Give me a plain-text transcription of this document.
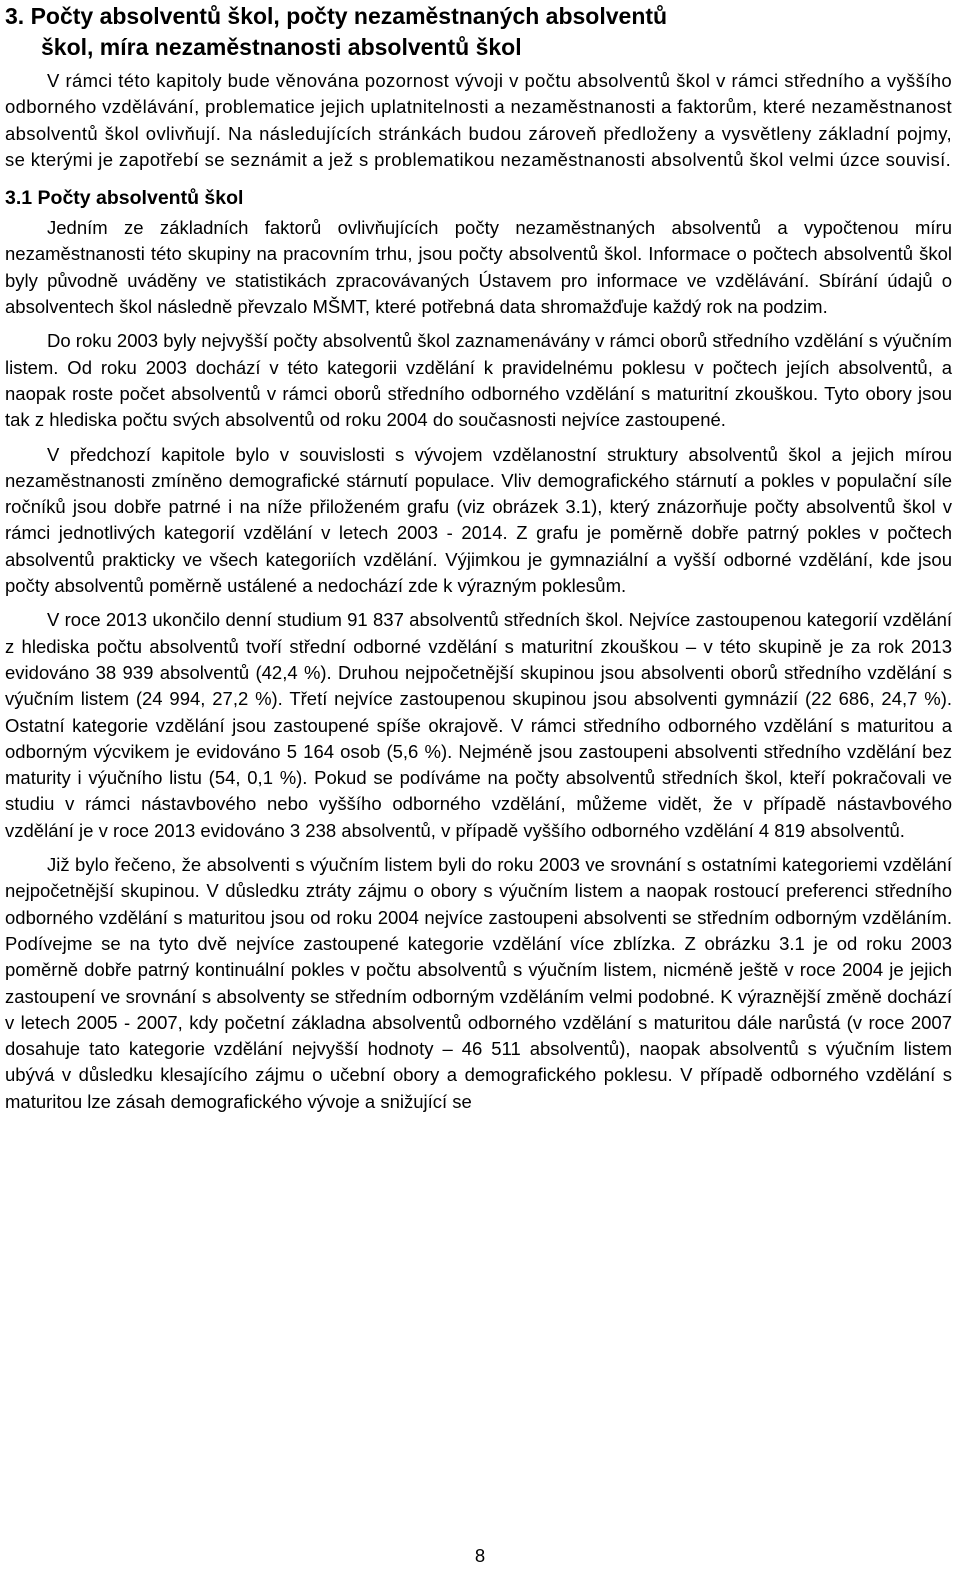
3. Počty absolventů škol, počty nezaměstnaných absolventů
škol, míra nezaměstnanosti absolventů škol

V rámci této kapitoly bude věnována pozornost vývoji v počtu absolventů škol v rámci středního a vyššího odborného vzdělávání, problematice jejich uplatnitelnosti a nezaměstnanosti a faktorům, které nezaměstnanost absolventů škol ovlivňují. Na následujících stránkách budou zároveň předloženy a vysvětleny základní pojmy, se kterými je zapotřebí se seznámit a jež s problematikou nezaměstnanosti absolventů škol velmi úzce souvisí.

3.1 Počty absolventů škol

Jedním ze základních faktorů ovlivňujících počty nezaměstnaných absolventů a vypočtenou míru nezaměstnanosti této skupiny na pracovním trhu, jsou počty absolventů škol. Informace o počtech absolventů škol byly původně uváděny ve statistikách zpracovávaných Ústavem pro informace ve vzdělávání. Sbírání údajů o absolventech škol následně převzalo MŠMT, které potřebná data shromažďuje každý rok na podzim.

Do roku 2003 byly nejvyšší počty absolventů škol zaznamenávány v rámci oborů středního vzdělání s výučním listem. Od roku 2003 dochází v této kategorii vzdělání k pravidelnému poklesu v počtech jejích absolventů, a naopak roste počet absolventů v rámci oborů středního odborného vzdělání s maturitní zkouškou. Tyto obory jsou tak z hlediska počtu svých absolventů od roku 2004 do současnosti nejvíce zastoupené.

V předchozí kapitole bylo v souvislosti s vývojem vzdělanostní struktury absolventů škol a jejich mírou nezaměstnanosti zmíněno demografické stárnutí populace. Vliv demografického stárnutí a pokles v populační síle ročníků jsou dobře patrné i na níže přiloženém grafu (viz obrázek 3.1), který znázorňuje počty absolventů škol v rámci jednotlivých kategorií vzdělání v letech 2003 - 2014. Z grafu je poměrně dobře patrný pokles v počtech absolventů prakticky ve všech kategoriích vzdělání. Výjimkou je gymnaziální a vyšší odborné vzdělání, kde jsou počty absolventů poměrně ustálené a nedochází zde k výrazným poklesům.

V roce 2013 ukončilo denní studium 91 837 absolventů středních škol. Nejvíce zastoupenou kategorií vzdělání z hlediska počtu absolventů tvoří střední odborné vzdělání s maturitní zkouškou – v této skupině je za rok 2013 evidováno 38 939 absolventů (42,4 %). Druhou nejpočetnější skupinou jsou absolventi oborů středního vzdělání s výučním listem (24 994, 27,2 %). Třetí nejvíce zastoupenou skupinou jsou absolventi gymnázií (22 686, 24,7 %). Ostatní kategorie vzdělání jsou zastoupené spíše okrajově. V rámci středního odborného vzdělání s maturitou a odborným výcvikem je evidováno 5 164 osob (5,6 %). Nejméně jsou zastoupeni absolventi středního vzdělání bez maturity i výučního listu (54, 0,1 %). Pokud se podíváme na počty absolventů středních škol, kteří pokračovali ve studiu v rámci nástavbového nebo vyššího odborného vzdělání, můžeme vidět, že v případě nástavbového vzdělání je v roce 2013 evidováno 3 238 absolventů, v případě vyššího odborného vzdělání 4 819 absolventů.

Již bylo řečeno, že absolventi s výučním listem byli do roku 2003 ve srovnání s ostatními kategoriemi vzdělání nejpočetnější skupinou. V důsledku ztráty zájmu o obory s výučním listem a naopak rostoucí preferenci středního odborného vzdělání s maturitou jsou od roku 2004 nejvíce zastoupeni absolventi se středním odborným vzděláním. Podívejme se na tyto dvě nejvíce zastoupené kategorie vzdělání více zblízka. Z obrázku 3.1 je od roku 2003 poměrně dobře patrný kontinuální pokles v počtu absolventů s výučním listem, nicméně ještě v roce 2004 je jejich zastoupení ve srovnání s absolventy se středním odborným vzděláním velmi podobné. K výraznější změně dochází v letech 2005 - 2007, kdy početní základna absolventů odborného vzdělání s maturitou dále narůstá (v roce 2007 dosahuje tato kategorie vzdělání nejvyšší hodnoty – 46 511 absolventů), naopak absolventů s výučním listem ubývá v důsledku klesajícího zájmu o učební obory a demografického poklesu. V případě odborného vzdělání s maturitou lze zásah demografického vývoje a snižující se

8
